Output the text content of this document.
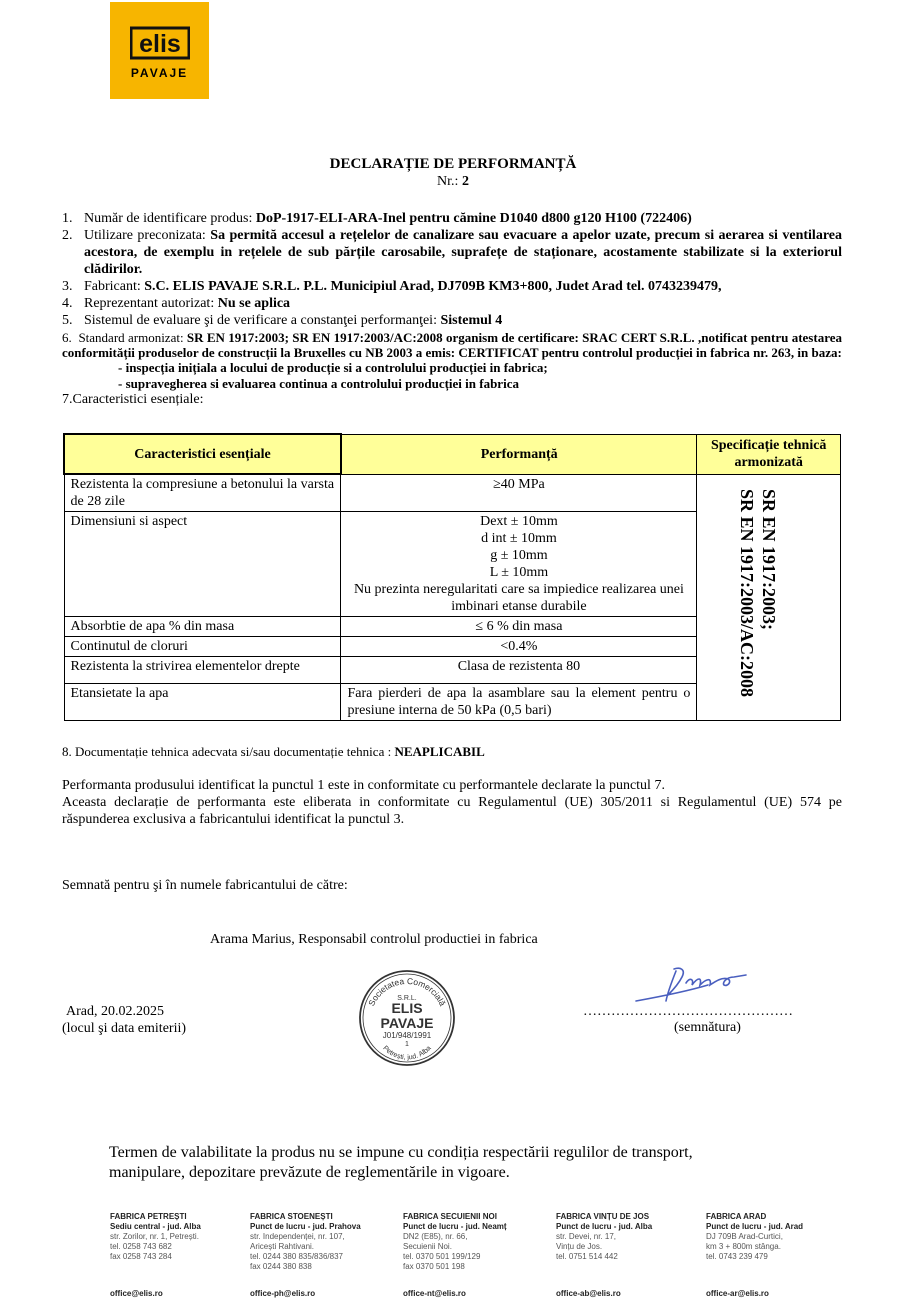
elis
PAVAJE
DECLARAȚIE DE PERFORMANȚĂ
Nr.: 2
1. Număr de identificare produs: DoP-1917-ELI-ARA-Inel pentru cămine D1040 d800 g120 H100 (722406)
2. Utilizare preconizata: Sa permită accesul a rețelelor de canalizare sau evacuare a apelor uzate, precum si aerarea si ventilarea acestora, de exemplu in rețelele de sub părțile carosabile, suprafețe de staționare, acostamente stabilizate si la exteriorul clădirilor.
3. Fabricant: S.C. ELIS PAVAJE S.R.L. P.L. Municipiul Arad, DJ709B KM3+800, Judet Arad tel. 0743239479,
4. Reprezentant autorizat: Nu se aplica
5. Sistemul de evaluare şi de verificare a constanţei performanţei: Sistemul 4
6. Standard armonizat: SR EN 1917:2003; SR EN 1917:2003/AC:2008 organism de certificare: SRAC CERT S.R.L. ,notificat pentru atestarea conformității produselor de construcții la Bruxelles cu NB 2003 a emis: CERTIFICAT pentru controlul producției in fabrica nr. 263, in baza:
- inspecția inițiala a locului de producție si a controlului producției in fabrica;
- supravegherea si evaluarea continua a controlului producției in fabrica
7.Caracteristici esențiale:
Caracteristici esențiale	Performanță	Specificație tehnică armonizată
Rezistenta la compresiune a betonului la varsta de 28 zile	≥40 MPa	SR EN 1917:2003;
SR EN 1917:2003/AC:2008

Dimensiuni si aspect	Dext ± 10mm
d int ± 10mm
g ± 10mm
L ± 10mm
Nu prezinta neregularitati care sa impiedice realizarea unei imbinari etanse durabile	

Absorbtie de apa % din masa	≤ 6 % din masa	
Continutul de cloruri	<0.4%	
Rezistenta la strivirea elementelor drepte	Clasa de rezistenta 80	
Etansietate la apa	Fara pierderi de apa la asamblare sau la element pentru o presiune interna de 50 kPa (0,5 bari)	
8. Documentație tehnica adecvata si/sau documentație tehnica : NEAPLICABIL
Performanta produsului identificat la punctul 1 este in conformitate cu performantele declarate la punctul 7.
Aceasta declarație de performanta este eliberata in conformitate cu Regulamentul (UE) 305/2011 si Regulamentul (UE) 574 pe răspunderea exclusiva a fabricantului identificat la punctul 3.
Semnată pentru şi în numele fabricantului de către:
Arama Marius, Responsabil controlul productiei in fabrica
Arad, 20.02.2025
(locul şi data emiterii)
Societatea Comercială
S.R.L.
ELIS
PAVAJE
J01/948/1991
1
Petrești, jud. Alba
………………………………………
(semnătura)
Termen de valabilitate la produs nu se impune cu condiția respectării regulilor de transport, manipulare, depozitare prevăzute de reglementările in vigoare.
FABRICA PETREȘTI
Sediu central - jud. Alba
str. Zorilor, nr. 1, Petrești.
tel. 0258 743 682
fax 0258 743 284
office@elis.ro
FABRICA STOENEȘTI
Punct de lucru - jud. Prahova
str. Independenței, nr. 107,
Aricești Rahtivani.
tel. 0244 380 835/836/837
fax 0244 380 838
office-ph@elis.ro
FABRICA SECUIENII NOI
Punct de lucru - jud. Neamț
DN2 (E85), nr. 66,
Secuienii Noi.
tel. 0370 501 199/129
fax 0370 501 198
office-nt@elis.ro
FABRICA VINȚU DE JOS
Punct de lucru - jud. Alba
str. Devei, nr. 17,
Vințu de Jos.
tel. 0751 514 442
office-ab@elis.ro
FABRICA ARAD
Punct de lucru - jud. Arad
DJ 709B Arad-Curtici,
km 3 + 800m stânga.
tel. 0743 239 479
office-ar@elis.ro
